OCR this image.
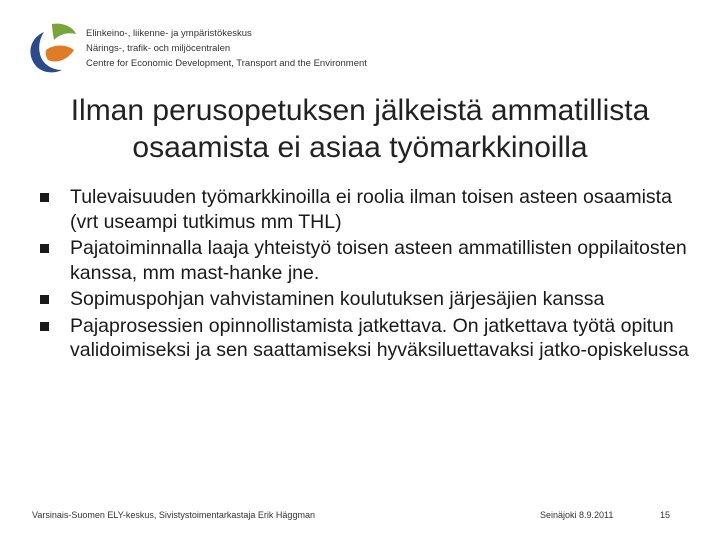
Elinkeino-, liikenne- ja ympäristökeskus
Närings-, trafik- och miljöcentralen
Centre for Economic Development, Transport and the Environment
Ilman perusopetuksen jälkeistä ammatillista
osaamista ei asiaa työmarkkinoilla
Tulevaisuuden työmarkkinoilla ei roolia ilman toisen asteen osaamista (vrt useampi tutkimus mm THL)
Pajatoiminnalla laaja yhteistyö toisen asteen ammatillisten oppilaitosten kanssa, mm mast-hanke jne.
Sopimuspohjan vahvistaminen koulutuksen järjesäjien kanssa
Pajaprosessien opinnollistamista jatkettava. On jatkettava työtä opitun validoimiseksi ja sen saattamiseksi hyväksiluettavaksi jatko-opiskelussa
Varsinais-Suomen ELY-keskus, Sivistystoimentarkastaja Erik Häggman	Seinäjoki 8.9.2011	15
